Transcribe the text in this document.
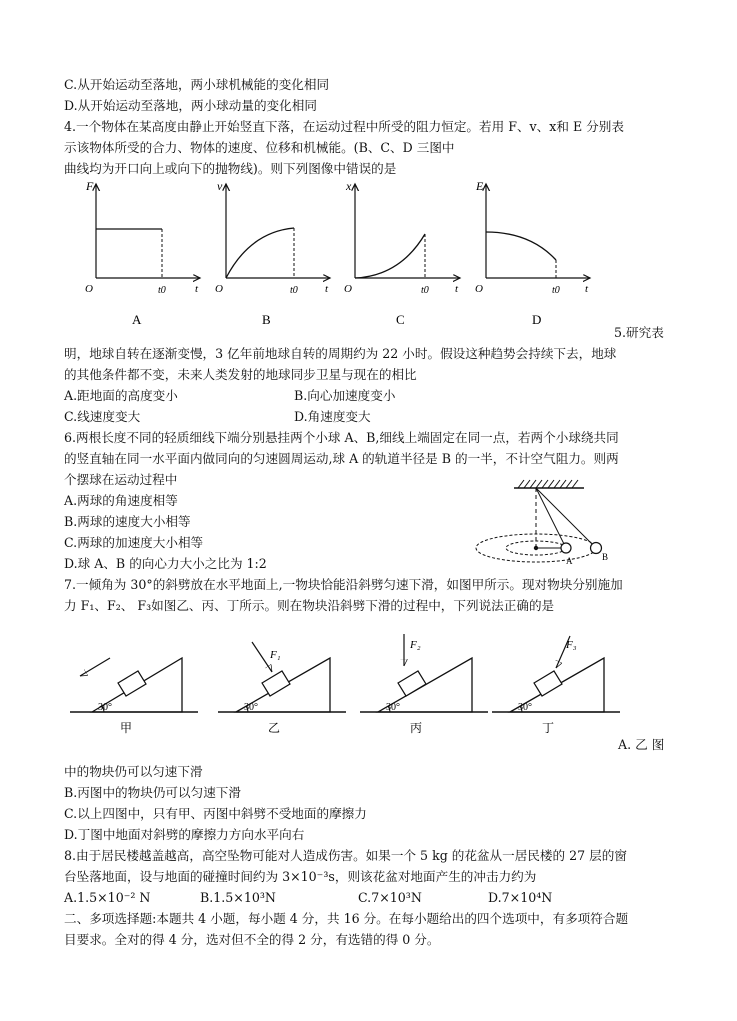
C.从开始运动至落地，两小球机械能的变化相同
D.从开始运动至落地，两小球动量的变化相同
4.一个物体在某高度由静止开始竖直下落，在运动过程中所受的阻力恒定。若用 F、v、x和 E 分别表
示该物体所受的合力、物体的速度、位移和机械能。(B、C、D 三图中
曲线均为开口向上或向下的抛物线)。则下列图像中错误的是
F
O	t0	t
A
v
O	t0 t
B
x
O	t0 t
C
E
O	t0 t
D
5.研究表
明，地球自转在逐渐变慢，3 亿年前地球自转的周期约为 22 小时。假设这种趋势会持续下去，地球
的其他条件都不变，未来人类发射的地球同步卫星与现在的相比
A.距地面的高度变小	B.向心加速度变小
C.线速度变大	D.角速度变大
6.两根长度不同的轻质细线下端分别悬挂两个小球 A、B,细线上端固定在同一点，若两个小球绕共同
的竖直轴在同一水平面内做同向的匀速圆周运动,球 A 的轨道半径是 B 的一半，不计空气阻力。则两
个摆球在运动过程中
A.两球的角速度相等
B.两球的速度大小相等
C.两球的加速度大小相等
D.球 A、B 的向心力大小之比为 1:2	A	B
7.一倾角为 30°的斜劈放在水平地面上,一物块恰能沿斜劈匀速下滑，如图甲所示。现对物块分别施加
力 F₁、F₂、 F₃如图乙、丙、丁所示。则在物块沿斜劈下滑的过程中，下列说法正确的是
30°
甲
30°
F₁
乙
30°
F₂
丙
30°
F₃
丁
A. 乙 图
中的物块仍可以匀速下滑
B.丙图中的物块仍可以匀速下滑
C.以上四图中，只有甲、丙图中斜劈不受地面的摩擦力
D.丁图中地面对斜劈的摩擦力方向水平向右
8.由于居民楼越盖越高，高空坠物可能对人造成伤害。如果一个 5 kg 的花盆从一居民楼的 27 层的窗
台坠落地面，设与地面的碰撞时间约为 3×10⁻³s，则该花盆对地面产生的冲击力约为
A.1.5×10⁻² N	B.1.5×10³N	C.7×10³N	D.7×10⁴N
二、多项选择题:本题共 4 小题，每小题 4 分，共 16 分。在每小题给出的四个选项中，有多项符合题
目要求。全对的得 4 分，选对但不全的得 2 分，有选错的得 0 分。
